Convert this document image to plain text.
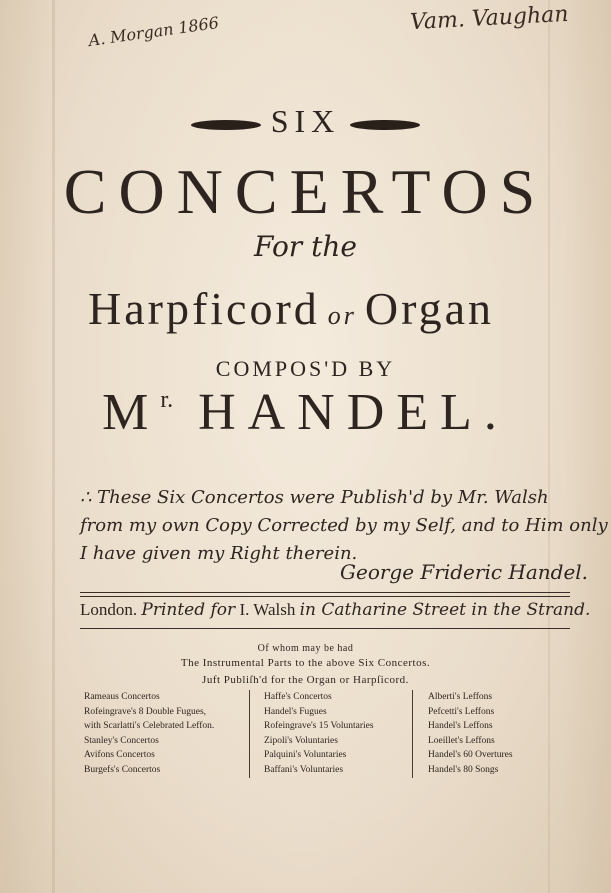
A. Morgan 1866	Vam. Vaughan
SIX
CONCERTOS
For the
Harpficord or Organ
COMPOS'D BY
$M^{r.}$ HANDEL.
∴ These Six Concertos were Publish'd by Mr. Walsh
from my own Copy Corrected by my Self, and to Him only
I have given my Right therein.
George Frideric Handel.
London. Printed for I. Walsh in Catharine Street in the Strand.
Of whom may be had
The Instrumental Parts to the above Six Concertos.
Juft Publiſh'd for the Organ or Harpſicord.
Rameaus Concertos
Rofeingrave's 8 Double Fugues,
with Scarlatti's Celebrated Leffon.
Stanley's Concertos
Avifons Concertos
Burgefs's Concertos
Haffe's Concertos
Handel's Fugues
Rofeingrave's 15 Voluntaries
Zipoli's Voluntaries
Palquini's Voluntaries
Baffani's Voluntaries
Alberti's Leffons
Pefcetti's Leffons
Handel's Leffons
Loeillet's Leffons
Handel's 60 Overtures
Handel's 80 Songs
